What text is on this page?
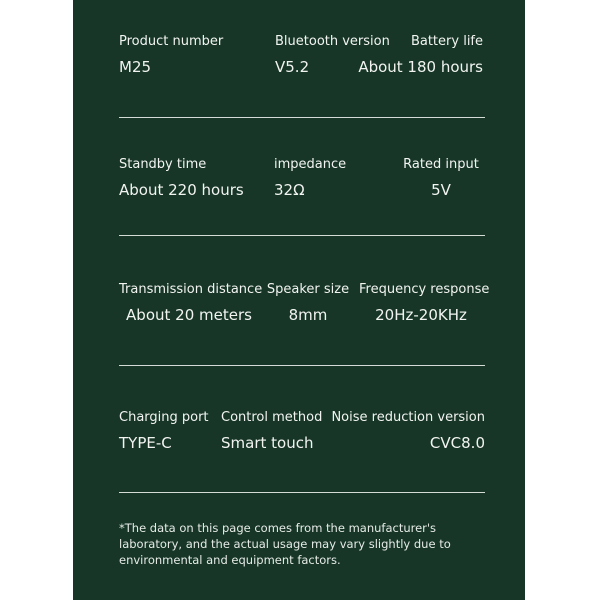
Product number
M25
Bluetooth version
V5.2
Battery life
About 180 hours
Standby time
About 220 hours
impedance
32Ω
Rated input
5V
Transmission distance
About 20 meters
Speaker size
8mm
Frequency response
20Hz-20KHz
Charging port
TYPE-C
Control method
Smart touch
Noise reduction version
CVC8.0
*The data on this page comes from the manufacturer's laboratory, and the actual usage may vary slightly due to environmental and equipment factors.
